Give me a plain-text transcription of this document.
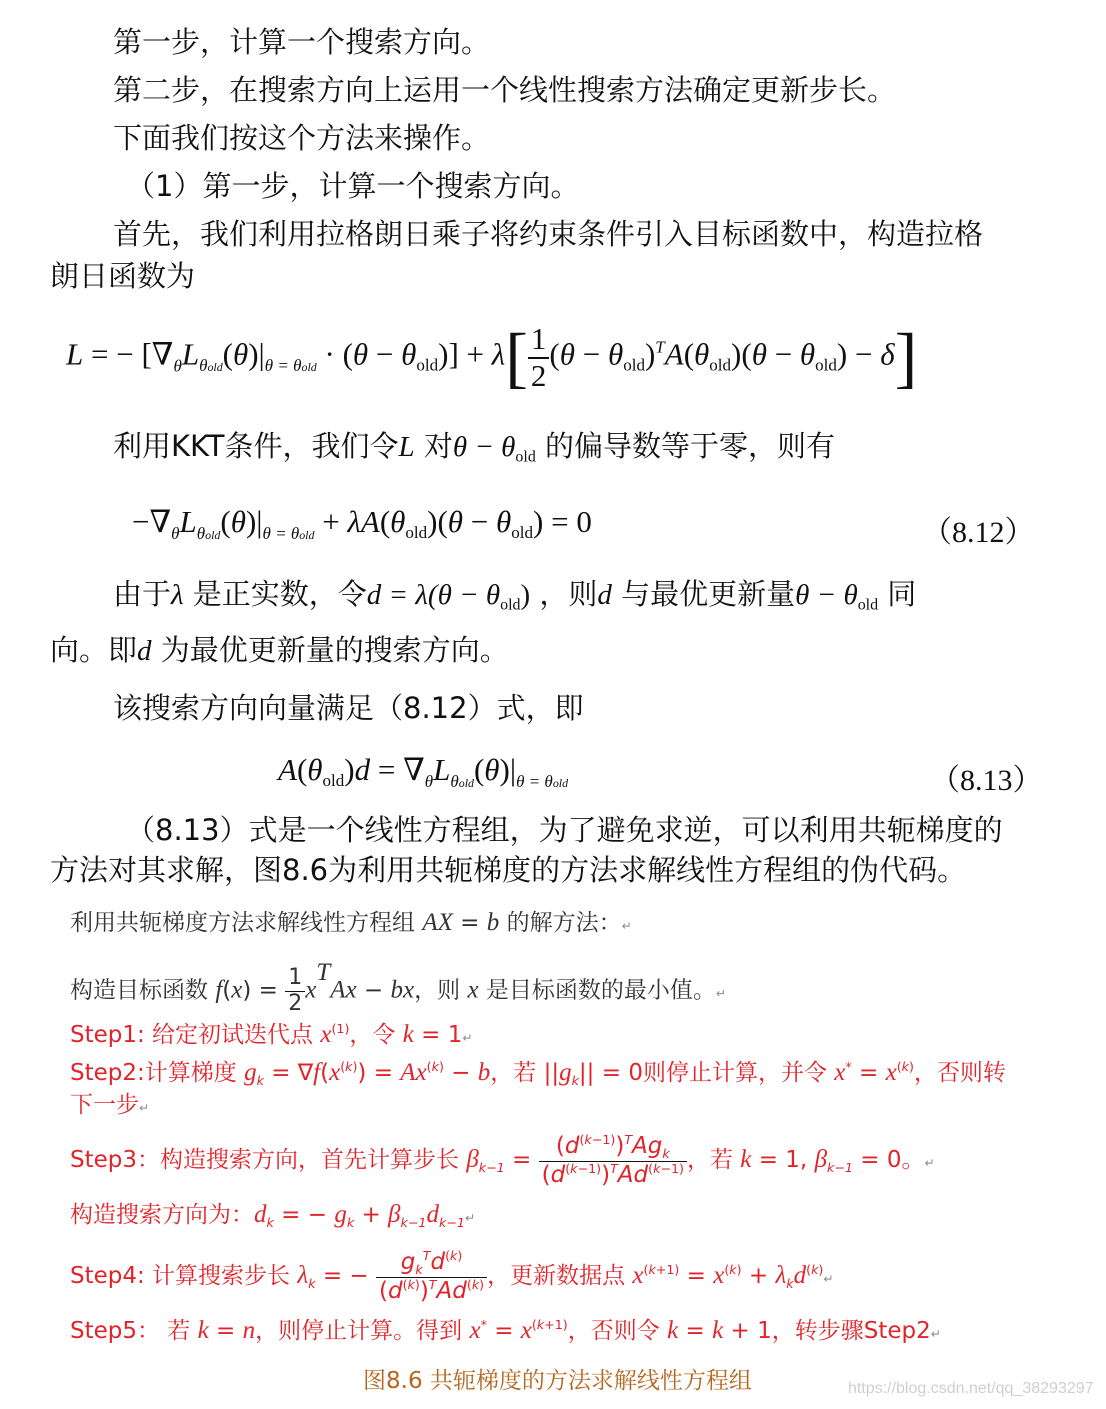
第一步，计算一个搜索方向。
第二步，在搜索方向上运用一个线性搜索方法确定更新步长。
下面我们按这个方法来操作。
（1）第一步，计算一个搜索方向。
首先，我们利用拉格朗日乘子将约束条件引入目标函数中，构造拉格
朗日函数为
L = − $[\nabla_\theta L_{\theta old}(\theta)|_{\theta = \theta old} \cdot (\theta - \theta_{old})] + \lambda[ \frac{1}{2} (\theta - \theta_{old})^TA(\theta_{old})(\theta - \theta_{old}) - \delta]$
利用KKT条件，我们令L 对$\theta - \theta_{old}$ 的偏导数等于零，则有
$-\nabla_\theta L_{\theta old}(\theta)|_{\theta = \theta old} + \lambda A(\theta_{old})(\theta - \theta_{old}) = 0$	（8.12）
由于λ 是正实数，令$d = \lambda(\theta - \theta_{old})$ ，则d 与最优更新量$\theta - \theta_{old}$ 同
向。即d 为最优更新量的搜索方向。
该搜索方向向量满足（8.12）式，即
$A(\theta_{old})d = \nabla_\theta L_{\theta old}(\theta)|_{\theta = \theta old}$	（8.13）
（8.13）式是一个线性方程组，为了避免求逆，可以利用共轭梯度的
方法对其求解，图8.6为利用共轭梯度的方法求解线性方程组的伪代码。
利用共轭梯度方法求解线性方程组 AX = b 的解方法：↵
构造目标函数 $f(x) = \frac{1}{2}$ xTAx − bx，则 x 是目标函数的最小值。↵
Step1: 给定初试迭代点 $x^{(1)}$，令 k = 1↵
Step2:计算梯度 $g_k = \nabla f(x^{(k)}) = Ax^{(k)} - b$，若 $||g_k|| = 0$则停止计算，并令 $x^* = x^{(k)}$，否则转
下一步↵
Step3：构造搜索方向，首先计算步长 $\beta_{k-1} = \frac{(d^{(k-1)})^TAg_k}{(d^{(k-1)})^TAd^{(k-1)}}$ ，若 k = 1, $\beta_{k-1} = 0$。↵
构造搜索方向为：$d_k$ = − $g_k$ + $\beta_{k-1}d_{k-1}↵$
Step4: 计算搜索步长 $\lambda_k$ = − $\frac{g_k^Td^{(k)}}{(d^{(k)})^TAd^{(k)}}$ ，更新数据点 $x^{(k+1)} = x^{(k)}$ + $\lambda_kd^{(k)}↵$
Step5： 若 k = n，则停止计算。得到 $x^* = x^{(k+1)}$，否则令 k = k + 1，转步骤Step2↵
图8.6 共轭梯度的方法求解线性方程组	https://blog.csdn.net/qq_38293297
